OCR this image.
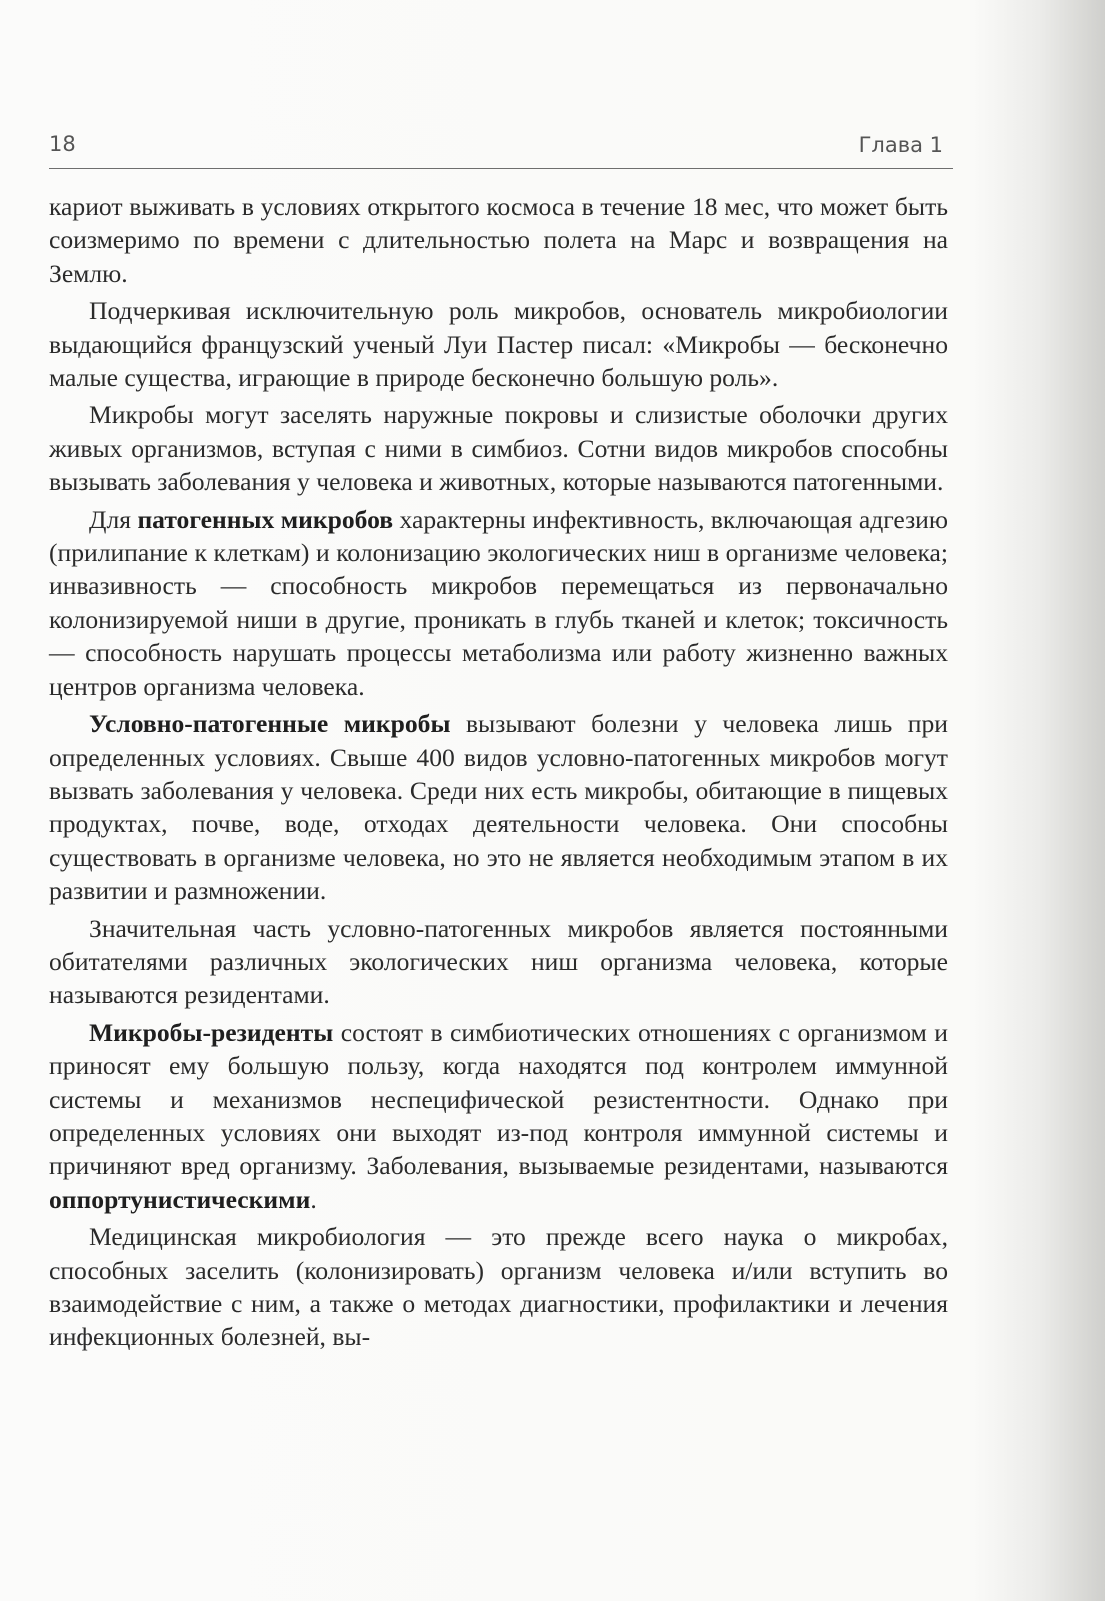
18	Глава 1

кариот выживать в условиях открытого космоса в течение 18 мес, что может быть соизмеримо по времени с длительностью полета на Марс и возвращения на Землю.

Подчеркивая исключительную роль микробов, основатель микробиологии выдающийся французский ученый Луи Пастер писал: «Микробы — бесконечно малые существа, играющие в природе бесконечно большую роль».

Микробы могут заселять наружные покровы и слизистые оболочки других живых организмов, вступая с ними в симбиоз. Сотни видов микробов способны вызывать заболевания у человека и животных, которые называются патогенными.

Для патогенных микробов характерны инфективность, включающая адгезию (прилипание к клеткам) и колонизацию экологических ниш в организме человека; инвазивность — способность микробов перемещаться из первоначально колонизируемой ниши в другие, проникать в глубь тканей и клеток; токсичность — способность нарушать процессы метаболизма или работу жизненно важных центров организма человека.

Условно-патогенные микробы вызывают болезни у человека лишь при определенных условиях. Свыше 400 видов условно-патогенных микробов могут вызвать заболевания у человека. Среди них есть микробы, обитающие в пищевых продуктах, почве, воде, отходах деятельности человека. Они способны существовать в организме человека, но это не является необходимым этапом в их развитии и размножении.

Значительная часть условно-патогенных микробов является постоянными обитателями различных экологических ниш организма человека, которые называются резидентами.

Микробы-резиденты состоят в симбиотических отношениях с организмом и приносят ему большую пользу, когда находятся под контролем иммунной системы и механизмов неспецифической резистентности. Однако при определенных условиях они выходят из-под контроля иммунной системы и причиняют вред организму. Заболевания, вызываемые резидентами, называются оппортунистическими.

Медицинская микробиология — это прежде всего наука о микробах, способных заселить (колонизировать) организм человека и/или вступить во взаимодействие с ним, а также о методах диагностики, профилактики и лечения инфекционных болезней, вы-
